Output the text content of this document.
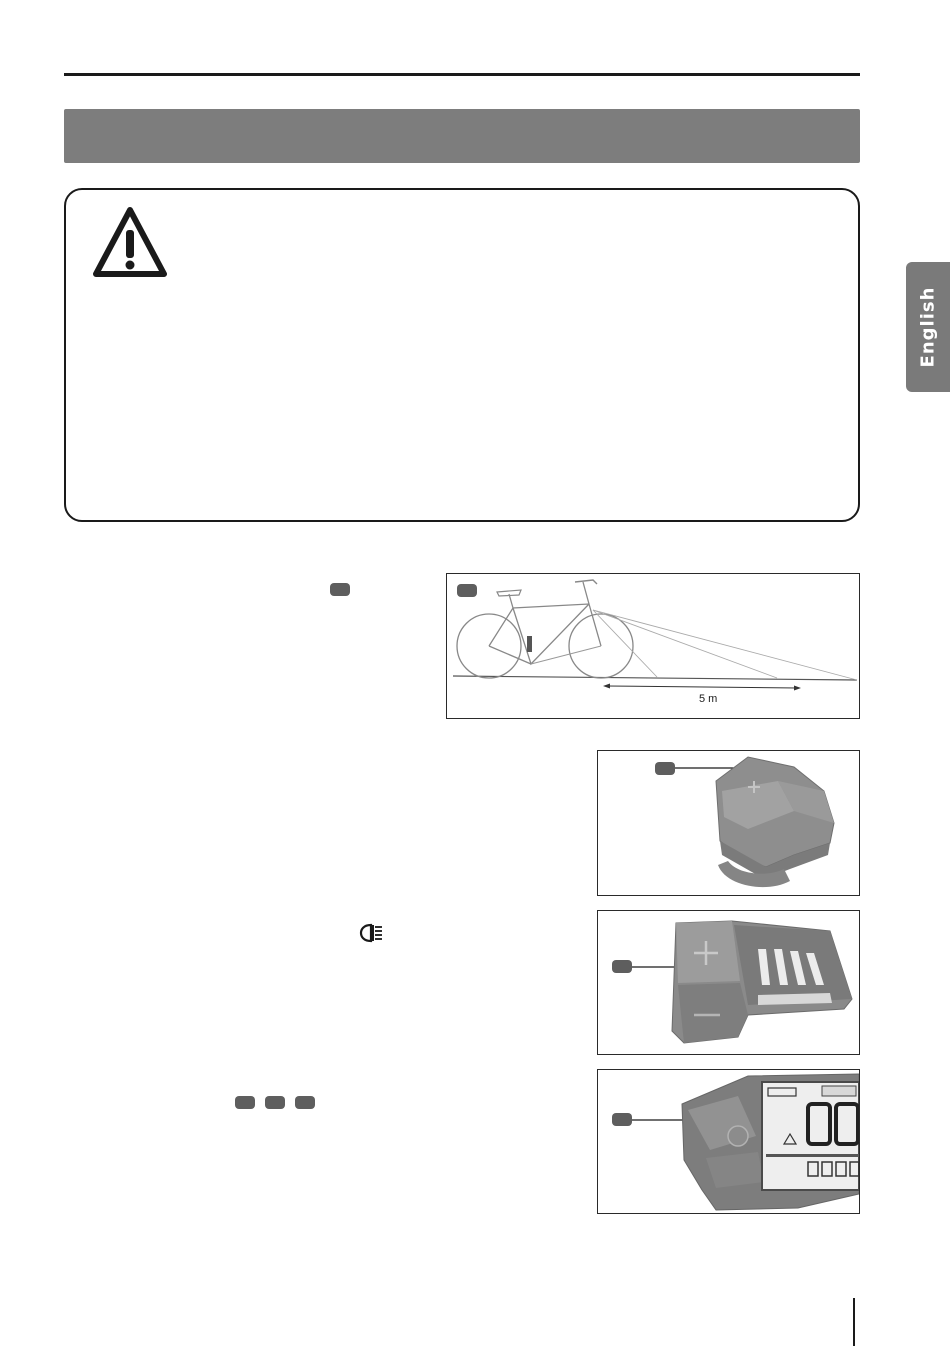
English
5 m
